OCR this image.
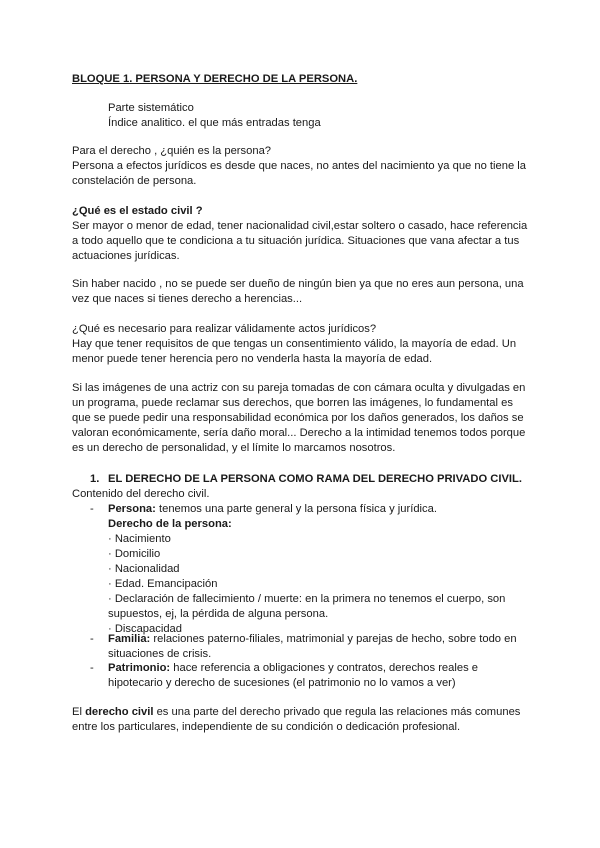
BLOQUE 1. PERSONA Y DERECHO DE LA PERSONA.
Parte sistemático
Índice analitico. el que más entradas tenga

Para el derecho , ¿quién es la persona?

Persona a efectos jurídicos es desde que naces, no antes del nacimiento ya que no tiene la

constelación de persona.

¿Qué es el estado civil ?

Ser mayor o menor de edad, tener nacionalidad civil,estar soltero o casado, hace referencia

a todo aquello que te condiciona a tu situación jurídica. Situaciones que vana afectar a tus

actuaciones jurídicas.

Sin haber nacido , no se puede ser dueño de ningún bien ya que no eres aun persona, una

vez que naces si tienes derecho a herencias...

¿Qué es necesario para realizar válidamente actos jurídicos?

Hay que tener requisitos de que tengas un consentimiento válido, la mayoría de edad. Un

menor puede tener herencia pero no venderla hasta la mayoría de edad.

Si las imágenes de una actriz con su pareja tomadas de con cámara oculta y divulgadas en

un programa, puede reclamar sus derechos, que borren las imágenes, lo fundamental es

que se puede pedir una responsabilidad económica por los daños generados, los daños se

valoran económicamente, sería daño moral... Derecho a la intimidad tenemos todos porque

es un derecho de personalidad, y el límite lo marcamos nosotros.

1. EL DERECHO DE LA PERSONA COMO RAMA DEL DERECHO PRIVADO CIVIL.
Contenido del derecho civil.
- Persona: tenemos una parte general y la persona física y jurídica.
Derecho de la persona:
· Nacimiento
· Domicilio
· Nacionalidad
· Edad. Emancipación
· Declaración de fallecimiento / muerte: en la primera no tenemos el cuerpo, son
supuestos, ej, la pérdida de alguna persona.
· Discapacidad
- Familia: relaciones paterno-filiales, matrimonial y parejas de hecho, sobre todo en
situaciones de crisis.
- Patrimonio: hace referencia a obligaciones y contratos, derechos reales e
hipotecario y derecho de sucesiones (el patrimonio no lo vamos a ver)

El derecho civil es una parte del derecho privado que regula las relaciones más comunes

entre los particulares, independiente de su condición o dedicación profesional.
